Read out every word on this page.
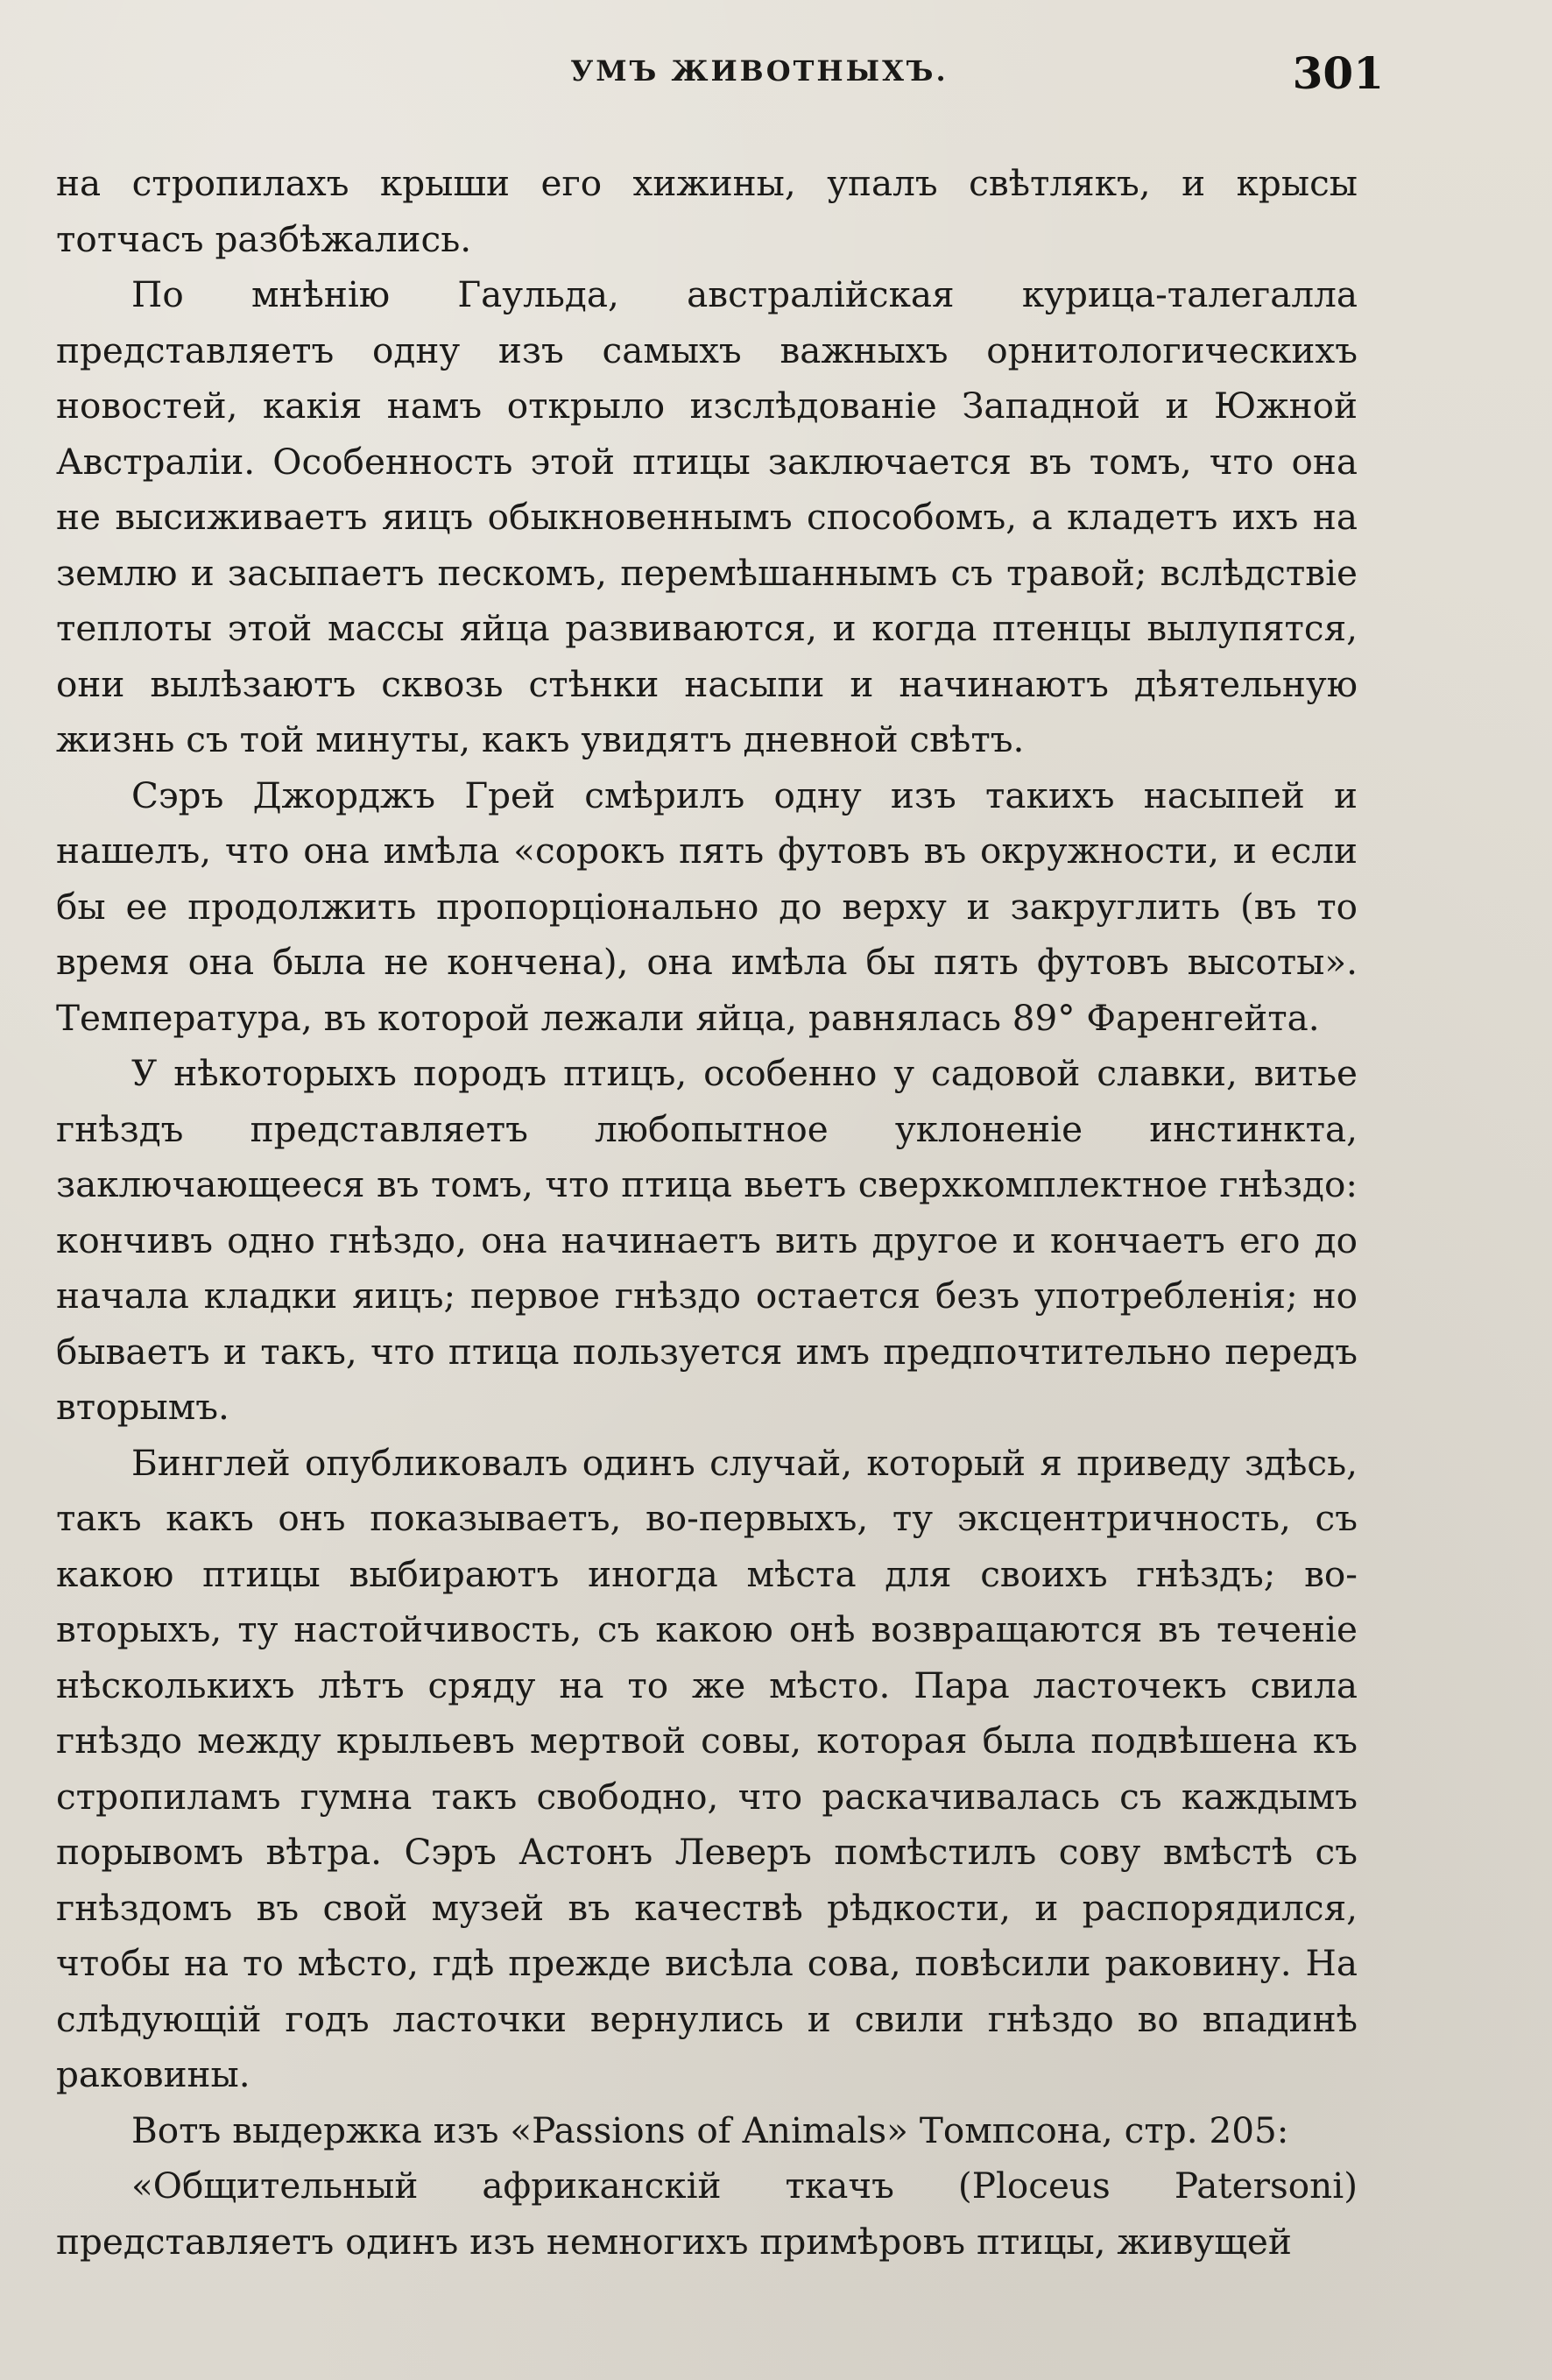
УМЪ ЖИВОТНЫХЪ.	301

на стропилахъ крыши его хижины, упалъ свѣтлякъ, и крысы тотчасъ разбѣжались.

По мнѣнію Гаульда, австралійская курица-талегалла представляетъ одну изъ самыхъ важныхъ орнитологическихъ новостей, какія намъ открыло изслѣдованіе Западной и Южной Австраліи. Особенность этой птицы заключается въ томъ, что она не высиживаетъ яицъ обыкновеннымъ способомъ, а кладетъ ихъ на землю и засыпаетъ пескомъ, перемѣшаннымъ съ травой; вслѣдствіе теплоты этой массы яйца развиваются, и когда птенцы вылупятся, они вылѣзаютъ сквозь стѣнки насыпи и начинаютъ дѣятельную жизнь съ той минуты, какъ увидятъ дневной свѣтъ.

Сэръ Джорджъ Грей смѣрилъ одну изъ такихъ насыпей и нашелъ, что она имѣла «сорокъ пять футовъ въ окружности, и если бы ее продолжить пропорціонально до верху и закруглить (въ то время она была не кончена), она имѣла бы пять футовъ высоты». Температура, въ которой лежали яйца, равнялась 89° Фаренгейта.

У нѣкоторыхъ породъ птицъ, особенно у садовой славки, витье гнѣздъ представляетъ любопытное уклоненіе инстинкта, заключающееся въ томъ, что птица вьетъ сверхкомплектное гнѣздо: кончивъ одно гнѣздо, она начинаетъ вить другое и кончаетъ его до начала кладки яицъ; первое гнѣздо остается безъ употребленія; но бываетъ и такъ, что птица пользуется имъ предпочтительно передъ вторымъ.

Бинглей опубликовалъ одинъ случай, который я приведу здѣсь, такъ какъ онъ показываетъ, во-первыхъ, ту эксцентричность, съ какою птицы выбираютъ иногда мѣста для своихъ гнѣздъ; во-вторыхъ, ту настойчивость, съ какою онѣ возвращаются въ теченіе нѣсколькихъ лѣтъ сряду на то же мѣсто. Пара ласточекъ свила гнѣздо между крыльевъ мертвой совы, которая была подвѣшена къ стропиламъ гумна такъ свободно, что раскачивалась съ каждымъ порывомъ вѣтра. Сэръ Астонъ Леверъ помѣстилъ сову вмѣстѣ съ гнѣздомъ въ свой музей въ качествѣ рѣдкости, и распорядился, чтобы на то мѣсто, гдѣ прежде висѣла сова, повѣсили раковину. На слѣдующій годъ ласточки вернулись и свили гнѣздо во впадинѣ раковины.

Вотъ выдержка изъ «Passions of Animals» Томпсона, стр. 205:

«Общительный африканскій ткачъ (Ploceus Patersoni) представляетъ одинъ изъ немногихъ примѣровъ птицы, живущей
